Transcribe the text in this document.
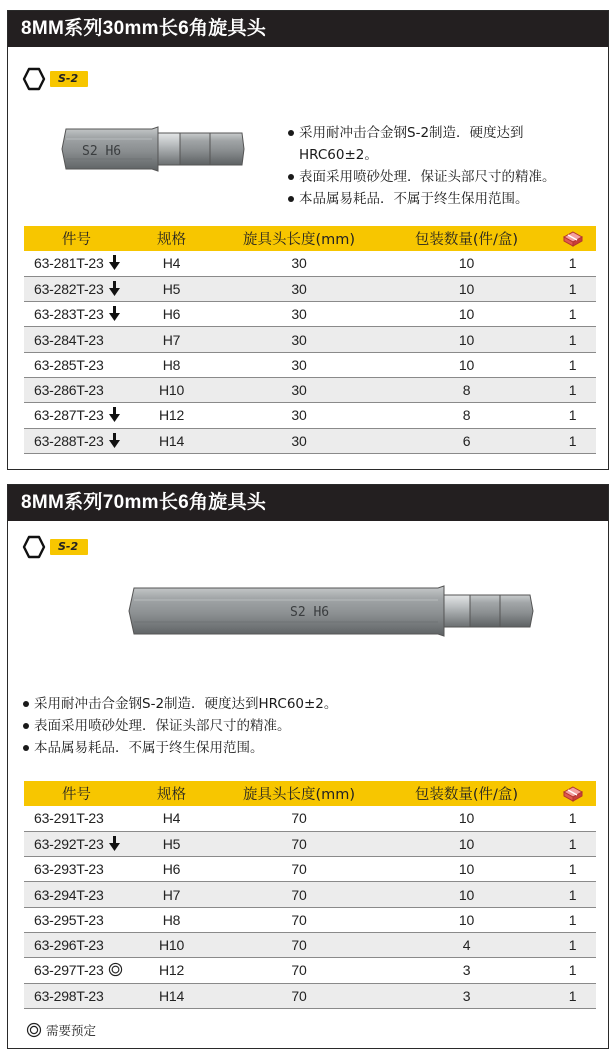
8MM系列30mm长6角旋具头
S-2
S2 H6
采用耐冲击合金钢S-2制造．硬度达到HRC60±2。
表面采用喷砂处理．保证头部尺寸的精准。
本品属易耗品．不属于终生保用范围。
件号	规格	旋具头长度(mm)	包装数量(件/盒)	
63-281T-23	H4	30	10	1
63-282T-23	H5	30	10	1
63-283T-23	H6	30	10	1
63-284T-23	H7	30	10	1
63-285T-23	H8	30	10	1
63-286T-23	H10	30	8	1
63-287T-23	H12	30	8	1
63-288T-23	H14	30	6	1
8MM系列70mm长6角旋具头
S-2
S2 H6
采用耐冲击合金钢S-2制造．硬度达到HRC60±2。
表面采用喷砂处理．保证头部尺寸的精准。
本品属易耗品．不属于终生保用范围。
件号	规格	旋具头长度(mm)	包装数量(件/盒)	
63-291T-23	H4	70	10	1
63-292T-23	H5	70	10	1
63-293T-23	H6	70	10	1
63-294T-23	H7	70	10	1
63-295T-23	H8	70	10	1
63-296T-23	H10	70	4	1
63-297T-23	H12	70	3	1
63-298T-23	H14	70	3	1
需要预定
